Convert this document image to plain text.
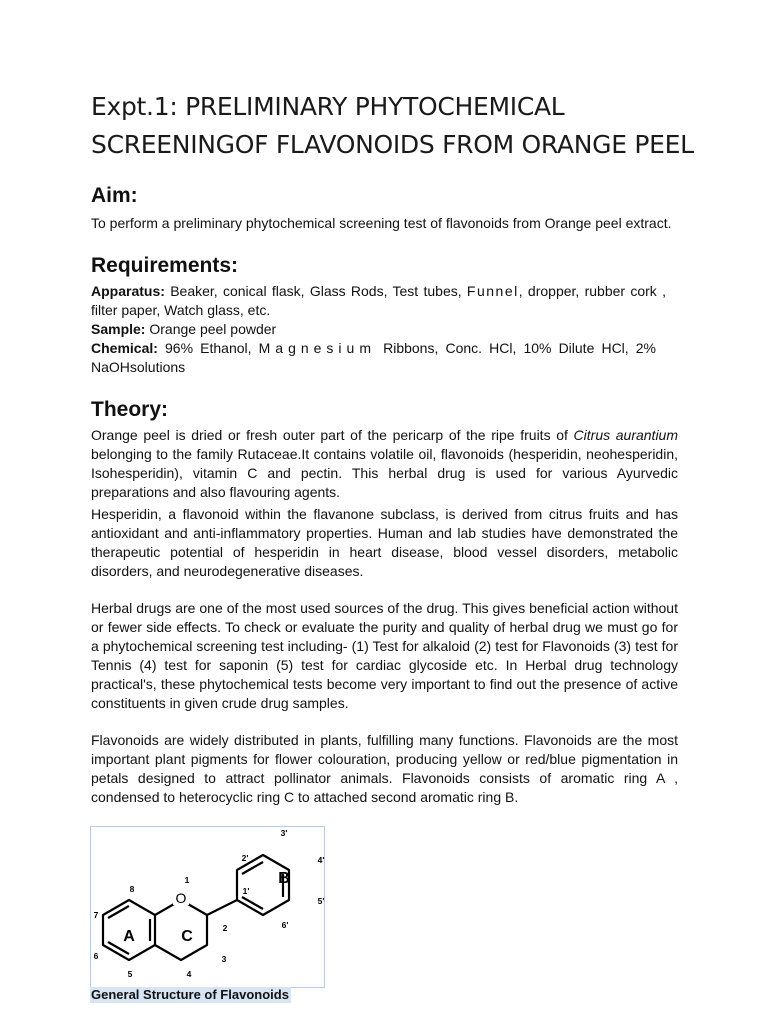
Expt.1: PRELIMINARY PHYTOCHEMICAL
SCREENINGOF FLAVONOIDS FROM ORANGE PEEL
Aim:

To perform a preliminary phytochemical screening test of flavonoids from Orange peel extract.

Requirements:

Apparatus: Beaker, conical flask, Glass Rods, Test tubes, Funnel, dropper, rubber cork , filter paper, Watch glass, etc.

Sample: Orange peel powder

Chemical: 96% Ethanol, Magnesium Ribbons, Conc. HCl, 10% Dilute HCl, 2% NaOHsolutions

Theory:

Orange peel is dried or fresh outer part of the pericarp of the ripe fruits of Citrus aurantium belonging to the family Rutaceae.It contains volatile oil, flavonoids (hesperidin, neohesperidin, Isohesperidin), vitamin C and pectin. This herbal drug is used for various Ayurvedic preparations and also flavouring agents.

Hesperidin, a flavonoid within the flavanone subclass, is derived from citrus fruits and has antioxidant and anti-inflammatory properties. Human and lab studies have demonstrated the therapeutic potential of hesperidin in heart disease, blood vessel disorders, metabolic disorders, and neurodegenerative diseases.

Herbal drugs are one of the most used sources of the drug. This gives beneficial action without or fewer side effects. To check or evaluate the purity and quality of herbal drug we must go for a phytochemical screening test including- (1) Test for alkaloid (2) test for Flavonoids (3) test for Tennis (4) test for saponin (5) test for cardiac glycoside etc. In Herbal drug technology practical's, these phytochemical tests become very important to find out the presence of active constituents in given crude drug samples.

Flavonoids are widely distributed in plants, fulfilling many functions. Flavonoids are the most important plant pigments for flower colouration, producing yellow or red/blue pigmentation in petals designed to attract pollinator animals. Flavonoids consists of aromatic ring A , condensed to heterocyclic ring C to attached second aromatic ring B.

O
A	C
B
1
2
3
4
5
6
7
8	1'
2'
3'
4'
5'
6'
General Structure of Flavonoids
